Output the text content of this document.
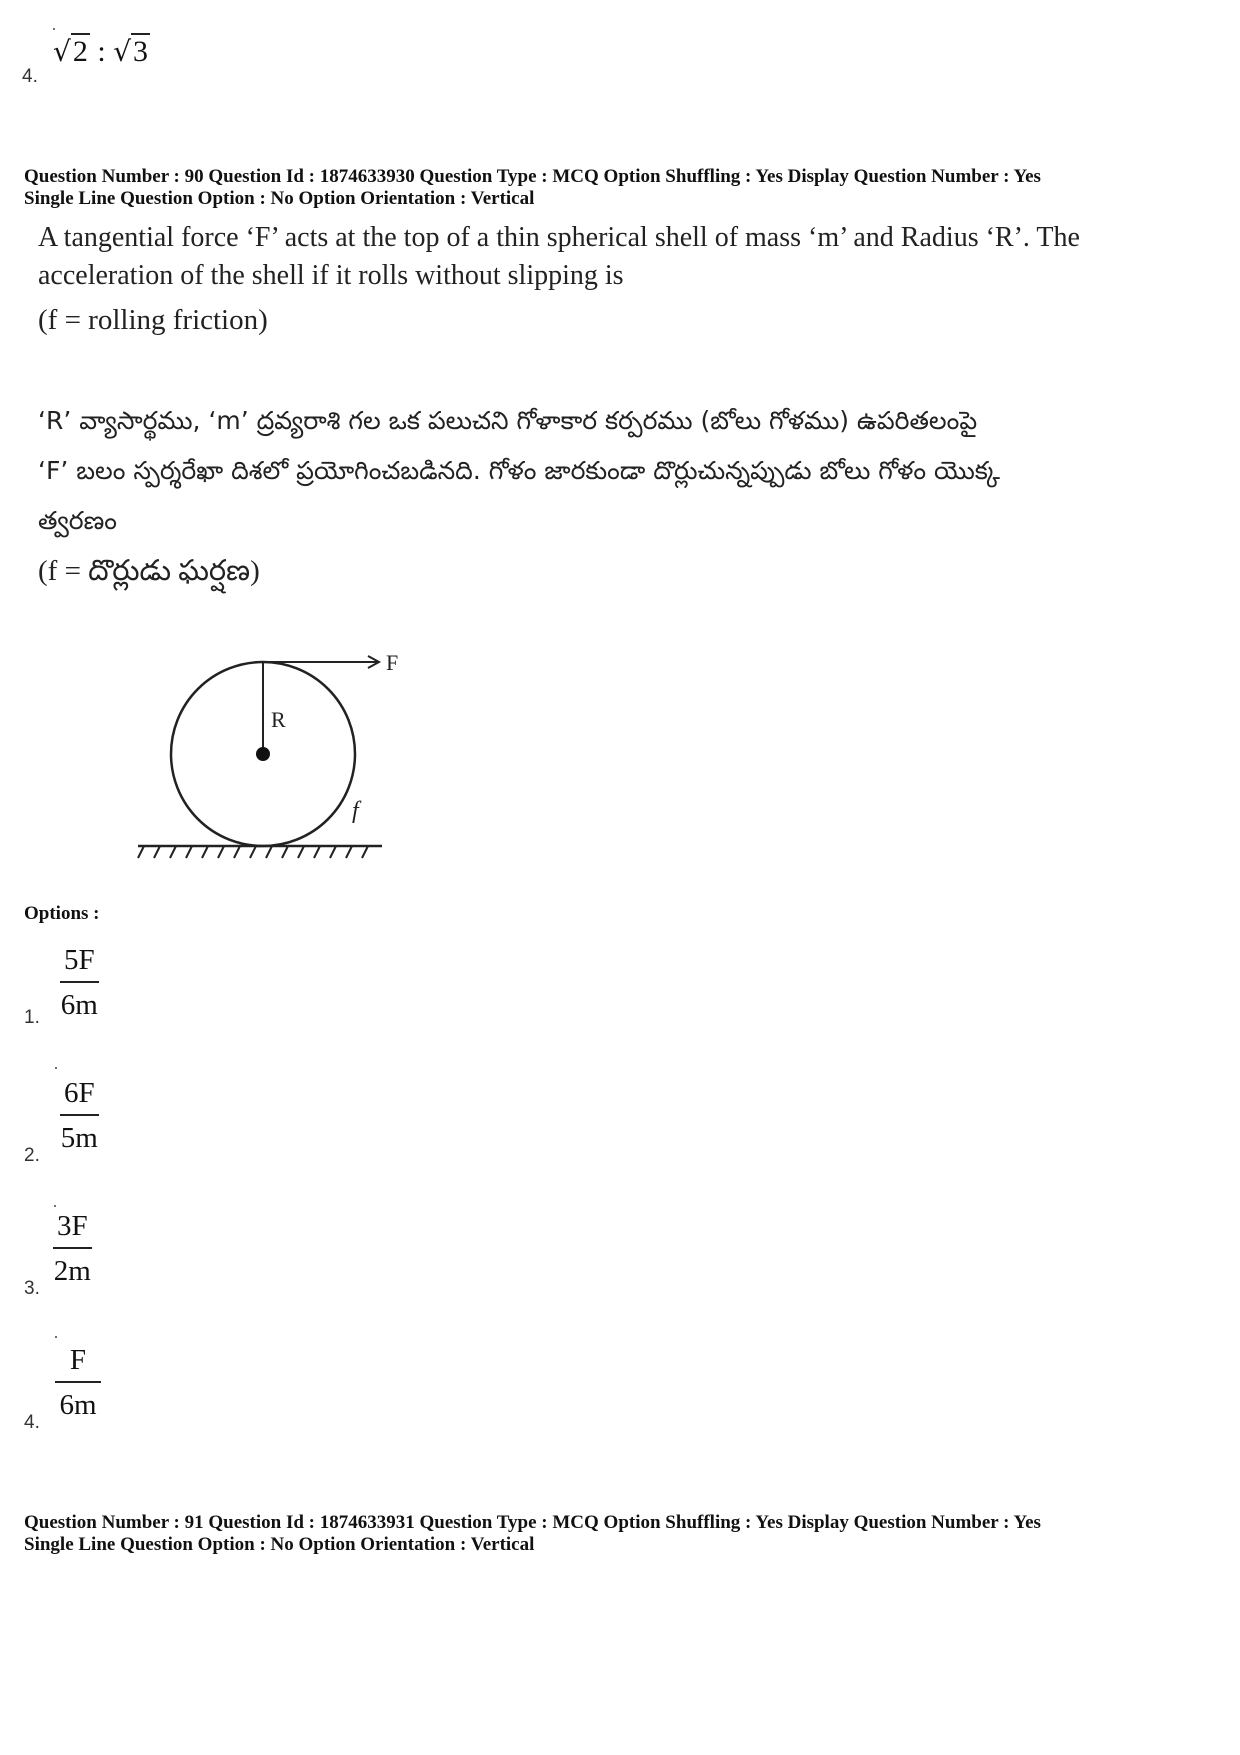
4.
√2 : √3
Question Number : 90 Question Id : 1874633930 Question Type : MCQ Option Shuffling : Yes Display Question Number : Yes
Single Line Question Option : No Option Orientation : Vertical
A tangential force ‘F’ acts at the top of a thin spherical shell of mass ‘m’ and Radius ‘R’. The
acceleration of the shell if it rolls without slipping is
(f = rolling friction)
‘R’ వ్యాసార్థము, ‘m’ ద్రవ్యరాశి గల ఒక పలుచని గోళాకార కర్పరము (బోలు గోళము) ఉపరితలంపై
‘F’ బలం స్పర్శరేఖా దిశలో ప్రయోగించబడినది. గోళం జారకుండా దొర్లుచున్నప్పుడు బోలు గోళం యొక్క
త్వరణం
(f = దొర్లుడు ఘర్షణ)
F
R
f
Options :
$\frac{5F}{6m}$
1.
$\frac{6F}{5m}$
2.
$\frac{3F}{2m}$
3.
$\frac{F}{6m}$
4.
Question Number : 91 Question Id : 1874633931 Question Type : MCQ Option Shuffling : Yes Display Question Number : Yes
Single Line Question Option : No Option Orientation : Vertical
